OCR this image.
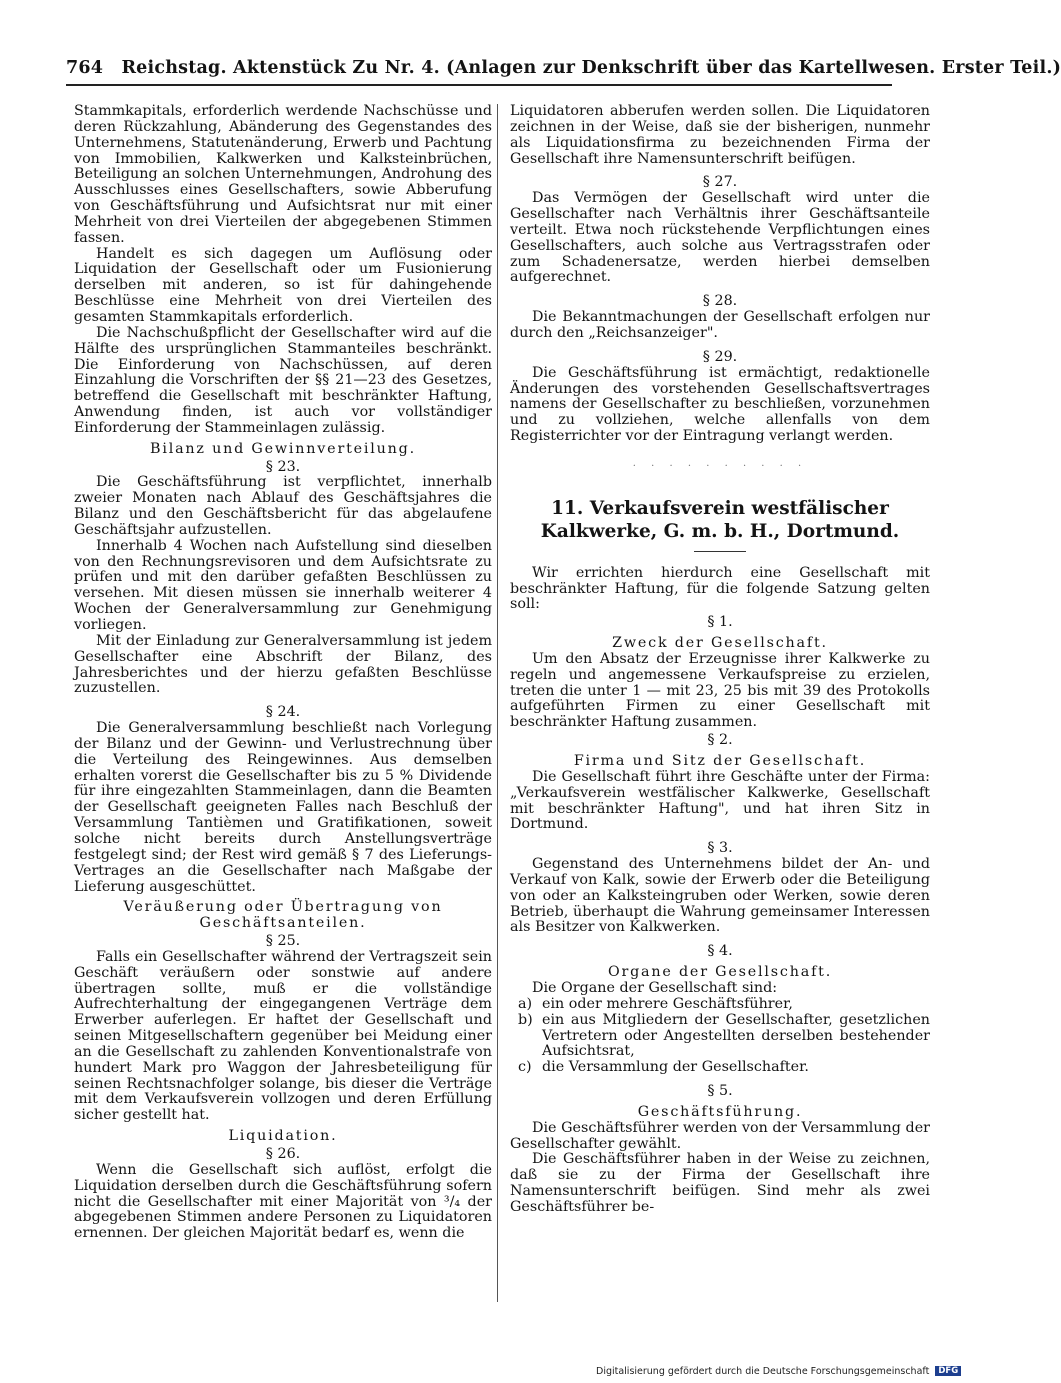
764 Reichstag. Aktenstück Zu Nr. 4. (Anlagen zur Denkschrift über das Kartellwesen. Erster Teil.)

Stammkapitals, erforderlich werdende Nachschüsse und deren Rückzahlung, Abänderung des Gegenstandes des Unternehmens, Statutenänderung, Erwerb und Pachtung von Immobilien, Kalkwerken und Kalksteinbrüchen, Beteiligung an solchen Unternehmungen, Androhung des Ausschlusses eines Gesellschafters, sowie Abberufung von Geschäftsführung und Aufsichtsrat nur mit einer Mehrheit von drei Vierteilen der abgegebenen Stimmen fassen.

Handelt es sich dagegen um Auflösung oder Liquidation der Gesellschaft oder um Fusionierung derselben mit anderen, so ist für dahingehende Beschlüsse eine Mehrheit von drei Vierteilen des gesamten Stammkapitals erforderlich.

Die Nachschußpflicht der Gesellschafter wird auf die Hälfte des ursprünglichen Stammanteiles beschränkt. Die Einforderung von Nachschüssen, auf deren Einzahlung die Vorschriften der §§ 21—23 des Gesetzes, betreffend die Gesellschaft mit beschränkter Haftung, Anwendung finden, ist auch vor vollständiger Einforderung der Stammeinlagen zulässig.

Bilanz und Gewinnverteilung.
§ 23.

Die Geschäftsführung ist verpflichtet, innerhalb zweier Monaten nach Ablauf des Geschäftsjahres die Bilanz und den Geschäftsbericht für das abgelaufene Geschäftsjahr aufzustellen.

Innerhalb 4 Wochen nach Aufstellung sind dieselben von den Rechnungsrevisoren und dem Aufsichtsrate zu prüfen und mit den darüber gefaßten Beschlüssen zu versehen. Mit diesen müssen sie innerhalb weiterer 4 Wochen der Generalversammlung zur Genehmigung vorliegen.

Mit der Einladung zur Generalversammlung ist jedem Gesellschafter eine Abschrift der Bilanz, des Jahresberichtes und der hierzu gefaßten Beschlüsse zuzustellen.

§ 24.

Die Generalversammlung beschließt nach Vorlegung der Bilanz und der Gewinn- und Verlustrechnung über die Verteilung des Reingewinnes. Aus demselben erhalten vorerst die Gesellschafter bis zu 5 % Dividende für ihre eingezahlten Stammeinlagen, dann die Beamten der Gesellschaft geeigneten Falles nach Beschluß der Versammlung Tantièmen und Gratifikationen, soweit solche nicht bereits durch Anstellungsverträge festgelegt sind; der Rest wird gemäß § 7 des Lieferungs-Vertrages an die Gesellschafter nach Maßgabe der Lieferung ausgeschüttet.

Veräußerung oder Übertragung von Geschäftsanteilen.
§ 25.

Falls ein Gesellschafter während der Vertragszeit sein Geschäft veräußern oder sonstwie auf andere übertragen sollte, muß er die vollständige Aufrechterhaltung der eingegangenen Verträge dem Erwerber auferlegen. Er haftet der Gesellschaft und seinen Mitgesellschaftern gegenüber bei Meidung einer an die Gesellschaft zu zahlenden Konventionalstrafe von hundert Mark pro Waggon der Jahresbeteiligung für seinen Rechtsnachfolger solange, bis dieser die Verträge mit dem Verkaufsverein vollzogen und deren Erfüllung sicher gestellt hat.

Liquidation.
§ 26.

Wenn die Gesellschaft sich auflöst, erfolgt die Liquidation derselben durch die Geschäftsführung sofern nicht die Gesellschafter mit einer Majorität von ³/₄ der abgegebenen Stimmen andere Personen zu Liquidatoren ernennen. Der gleichen Majorität bedarf es, wenn die

Liquidatoren abberufen werden sollen. Die Liquidatoren zeichnen in der Weise, daß sie der bisherigen, nunmehr als Liquidationsfirma zu bezeichnenden Firma der Gesellschaft ihre Namensunterschrift beifügen.

§ 27.

Das Vermögen der Gesellschaft wird unter die Gesellschafter nach Verhältnis ihrer Geschäftsanteile verteilt. Etwa noch rückstehende Verpflichtungen eines Gesellschafters, auch solche aus Vertragsstrafen oder zum Schadenersatze, werden hierbei demselben aufgerechnet.

§ 28.

Die Bekanntmachungen der Gesellschaft erfolgen nur durch den „Reichsanzeiger".

§ 29.

Die Geschäftsführung ist ermächtigt, redaktionelle Änderungen des vorstehenden Gesellschaftsvertrages namens der Gesellschafter zu beschließen, vorzunehmen und zu vollziehen, welche allenfalls von dem Registerrichter vor der Eintragung verlangt werden.

· · · · · · · · · ·
11. Verkaufsverein westfälischer Kalkwerke, G. m. b. H., Dortmund.

Wir errichten hierdurch eine Gesellschaft mit beschränkter Haftung, für die folgende Satzung gelten soll:

§ 1.
Zweck der Gesellschaft.

Um den Absatz der Erzeugnisse ihrer Kalkwerke zu regeln und angemessene Verkaufspreise zu erzielen, treten die unter 1 — mit 23, 25 bis mit 39 des Protokolls aufgeführten Firmen zu einer Gesellschaft mit beschränkter Haftung zusammen.

§ 2.
Firma und Sitz der Gesellschaft.

Die Gesellschaft führt ihre Geschäfte unter der Firma: „Verkaufsverein westfälischer Kalkwerke, Gesellschaft mit beschränkter Haftung", und hat ihren Sitz in Dortmund.

§ 3.

Gegenstand des Unternehmens bildet der An- und Verkauf von Kalk, sowie der Erwerb oder die Beteiligung von oder an Kalksteingruben oder Werken, sowie deren Betrieb, überhaupt die Wahrung gemeinsamer Interessen als Besitzer von Kalkwerken.

§ 4.
Organe der Gesellschaft.

Die Organe der Gesellschaft sind:

a) ein oder mehrere Geschäftsführer,
b) ein aus Mitgliedern der Gesellschafter, gesetzlichen Vertretern oder Angestellten derselben bestehender Aufsichtsrat,
c) die Versammlung der Gesellschafter.
§ 5.
Geschäftsführung.

Die Geschäftsführer werden von der Versammlung der Gesellschafter gewählt.

Die Geschäftsführer haben in der Weise zu zeichnen, daß sie zu der Firma der Gesellschaft ihre Namensunterschrift beifügen. Sind mehr als zwei Geschäftsführer be-

Digitalisierung gefördert durch die Deutsche Forschungsgemeinschaft DFG
